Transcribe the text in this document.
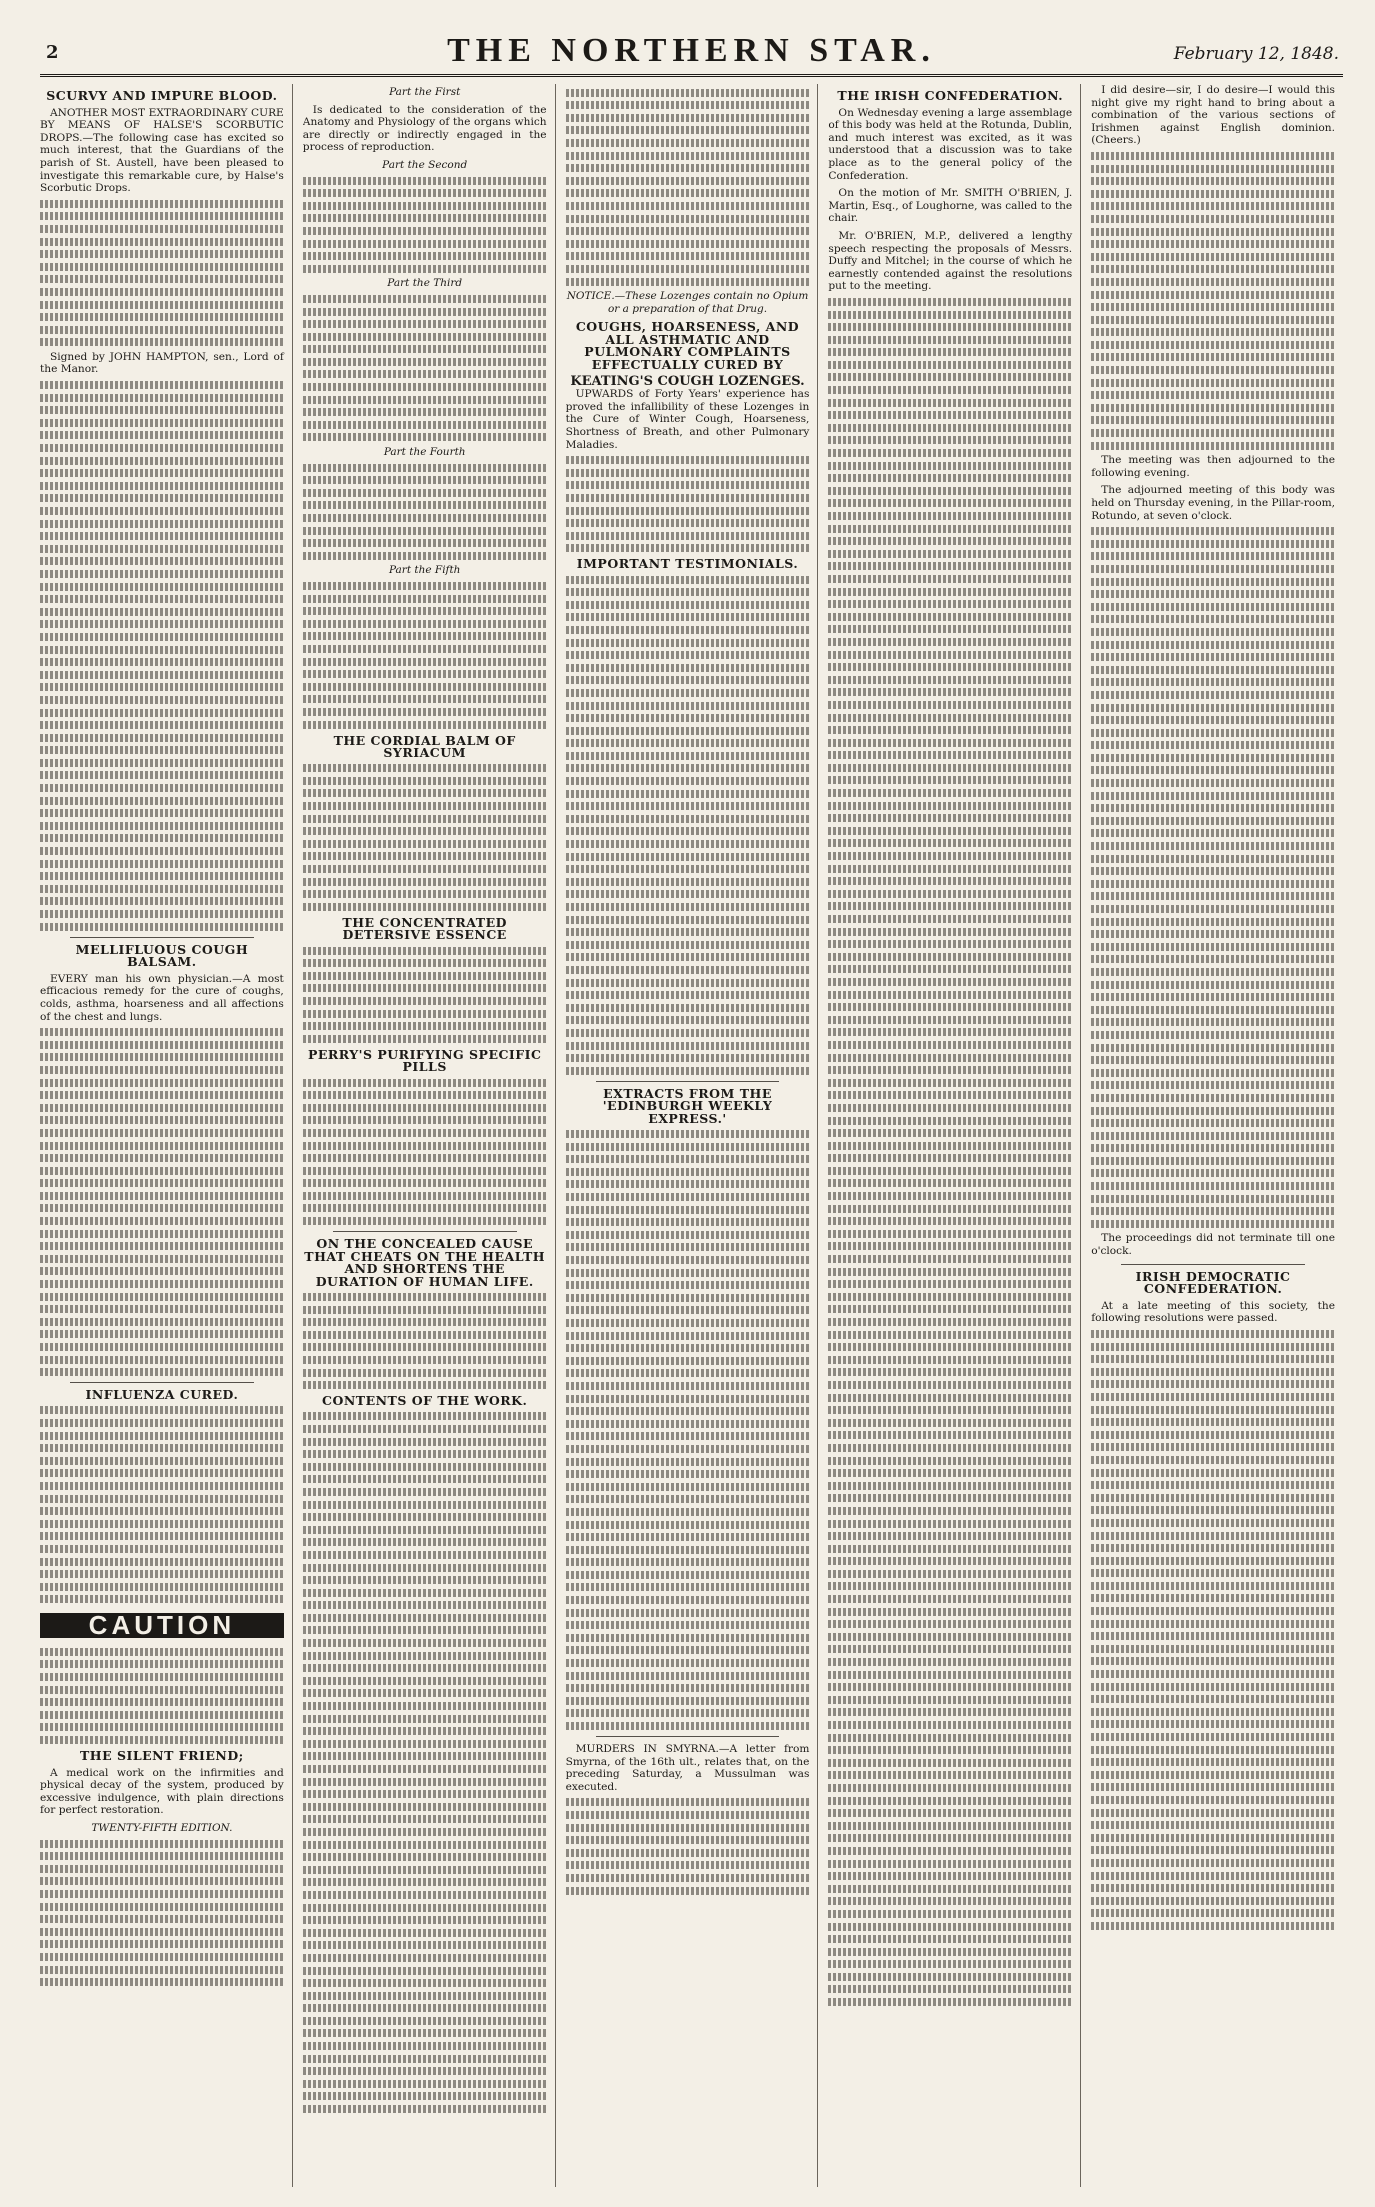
2	THE NORTHERN STAR.	February 12, 1848.
SCURVY AND IMPURE BLOOD.

ANOTHER MOST EXTRAORDINARY CURE BY MEANS OF HALSE'S SCORBUTIC DROPS.—The following case has excited so much interest, that the Guardians of the parish of St. Austell, have been pleased to investigate this remarkable cure, by Halse's Scorbutic Drops.

Signed by JOHN HAMPTON, sen., Lord of the Manor.

MELLIFLUOUS COUGH BALSAM.

EVERY man his own physician.—A most efficacious remedy for the cure of coughs, colds, asthma, hoarseness and all affections of the chest and lungs.

INFLUENZA CURED.
CAUTION
THE SILENT FRIEND;

A medical work on the infirmities and physical decay of the system, produced by excessive indulgence, with plain directions for perfect restoration.

TWENTY-FIFTH EDITION.
Part the First

Is dedicated to the consideration of the Anatomy and Physiology of the organs which are directly or indirectly engaged in the process of reproduction.

Part the Second
Part the Third
Part the Fourth
Part the Fifth
THE CORDIAL BALM OF SYRIACUM
THE CONCENTRATED DETERSIVE ESSENCE
PERRY'S PURIFYING SPECIFIC PILLS
ON THE CONCEALED CAUSE THAT CHEATS ON THE HEALTH AND SHORTENS THE DURATION OF HUMAN LIFE.
CONTENTS OF THE WORK.
NOTICE.—These Lozenges contain no Opium or a preparation of that Drug.
COUGHS, HOARSENESS, AND ALL ASTHMATIC AND PULMONARY COMPLAINTS EFFECTUALLY CURED BY
KEATING'S COUGH LOZENGES.

UPWARDS of Forty Years' experience has proved the infallibility of these Lozenges in the Cure of Winter Cough, Hoarseness, Shortness of Breath, and other Pulmonary Maladies.

IMPORTANT TESTIMONIALS.
EXTRACTS FROM THE 'EDINBURGH WEEKLY EXPRESS.'

MURDERS IN SMYRNA.—A letter from Smyrna, of the 16th ult., relates that, on the preceding Saturday, a Mussulman was executed.

THE IRISH CONFEDERATION.

On Wednesday evening a large assemblage of this body was held at the Rotunda, Dublin, and much interest was excited, as it was understood that a discussion was to take place as to the general policy of the Confederation.

On the motion of Mr. SMITH O'BRIEN, J. Martin, Esq., of Loughorne, was called to the chair.

Mr. O'BRIEN, M.P., delivered a lengthy speech respecting the proposals of Messrs. Duffy and Mitchel; in the course of which he earnestly contended against the resolutions put to the meeting.

I did desire—sir, I do desire—I would this night give my right hand to bring about a combination of the various sections of Irishmen against English dominion. (Cheers.)

The meeting was then adjourned to the following evening.

The adjourned meeting of this body was held on Thursday evening, in the Pillar-room, Rotundo, at seven o'clock.

The proceedings did not terminate till one o'clock.

IRISH DEMOCRATIC CONFEDERATION.

At a late meeting of this society, the following resolutions were passed.
